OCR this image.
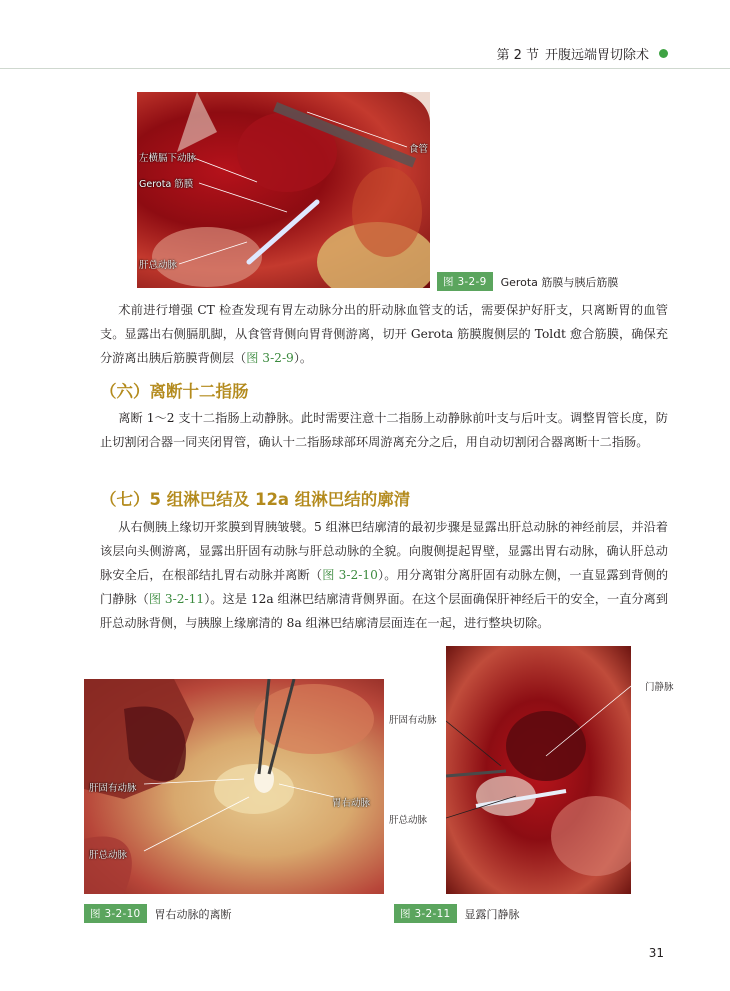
第 2 节 开腹远端胃切除术
左横膈下动脉
Gerota 筋膜
肝总动脉
食管
图 3-2-9	Gerota 筋膜与胰后筋膜

术前进行增强 CT 检查发现有胃左动脉分出的肝动脉血管支的话，需要保护好肝支，只离断胃的血管支。显露出右侧膈肌脚，从食管背侧向胃背侧游离，切开 Gerota 筋膜腹侧层的 Toldt 愈合筋膜，确保充分游离出胰后筋膜背侧层（图 3-2-9）。

（六）离断十二指肠

离断 1～2 支十二指肠上动静脉。此时需要注意十二指肠上动静脉前叶支与后叶支。调整胃管长度，防止切割闭合器一同夹闭胃管，确认十二指肠球部环周游离充分之后，用自动切割闭合器离断十二指肠。

（七）5 组淋巴结及 12a 组淋巴结的廓清

从右侧胰上缘切开浆膜到胃胰皱襞。5 组淋巴结廓清的最初步骤是显露出肝总动脉的神经前层，并沿着该层向头侧游离，显露出肝固有动脉与肝总动脉的全貌。向腹侧提起胃壁，显露出胃右动脉，确认肝总动脉安全后，在根部结扎胃右动脉并离断（图 3-2-10）。用分离钳分离肝固有动脉左侧，一直显露到背侧的门静脉（图 3-2-11）。这是 12a 组淋巴结廓清背侧界面。在这个层面确保肝神经后干的安全，一直分离到肝总动脉背侧，与胰腺上缘廓清的 8a 组淋巴结廓清层面连在一起，进行整块切除。

肝固有动脉
胃右动脉
肝总动脉
图 3-2-10	胃右动脉的离断
门静脉
肝固有动脉
肝总动脉
图 3-2-11	显露门静脉
31
